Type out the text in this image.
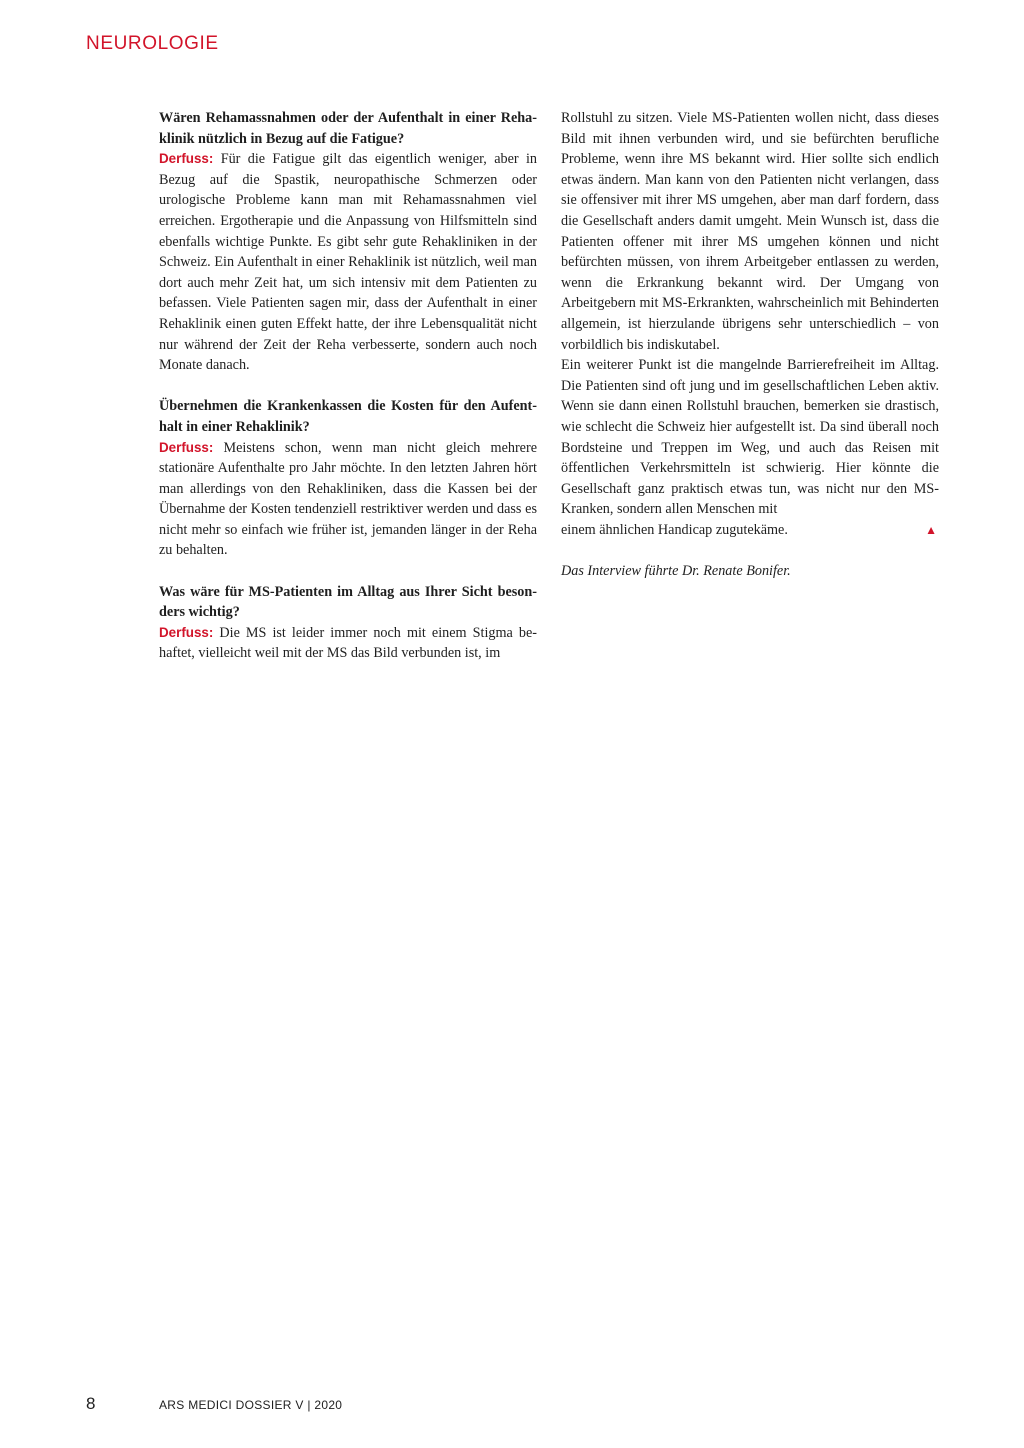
NEUROLOGIE

Wären Rehamassnahmen oder der Aufenthalt in einer Rehaklinik nützlich in Bezug auf die Fatigue?

Derfuss: Für die Fatigue gilt das eigentlich weniger, aber in Bezug auf die Spastik, neuropathische Schmerzen oder urologische Probleme kann man mit Rehamassnahmen viel erreichen. Ergotherapie und die Anpassung von Hilfsmitteln sind ebenfalls wichtige Punkte. Es gibt sehr gute Rehakliniken in der Schweiz. Ein Aufenthalt in einer Rehaklinik ist nützlich, weil man dort auch mehr Zeit hat, um sich intensiv mit dem Patienten zu befassen. Viele Patienten sagen mir, dass der Aufenthalt in einer Rehaklinik einen guten Effekt hatte, der ihre Lebensqualität nicht nur während der Zeit der Reha verbesserte, sondern auch noch Monate danach.

Übernehmen die Krankenkassen die Kosten für den Aufenthalt in einer Rehaklinik?

Derfuss: Meistens schon, wenn man nicht gleich mehrere stationäre Aufenthalte pro Jahr möchte. In den letzten Jahren hört man allerdings von den Rehakliniken, dass die Kassen bei der Übernahme der Kosten tendenziell restriktiver werden und dass es nicht mehr so einfach wie früher ist, jemanden länger in der Reha zu behalten.

Was wäre für MS-Patienten im Alltag aus Ihrer Sicht besonders wichtig?

Derfuss: Die MS ist leider immer noch mit einem Stigma behaftet, vielleicht weil mit der MS das Bild verbunden ist, im

Rollstuhl zu sitzen. Viele MS-Patienten wollen nicht, dass dieses Bild mit ihnen verbunden wird, und sie befürchten berufliche Probleme, wenn ihre MS bekannt wird. Hier sollte sich endlich etwas ändern. Man kann von den Patienten nicht verlangen, dass sie offensiver mit ihrer MS umgehen, aber man darf fordern, dass die Gesellschaft anders damit umgeht. Mein Wunsch ist, dass die Patienten offener mit ihrer MS umgehen können und nicht befürchten müssen, von ihrem Arbeitgeber entlassen zu werden, wenn die Erkrankung bekannt wird. Der Umgang von Arbeitgebern mit MS-Erkrankten, wahrscheinlich mit Behinderten allgemein, ist hierzulande übrigens sehr unterschiedlich – von vorbildlich bis indiskutabel.

Ein weiterer Punkt ist die mangelnde Barrierefreiheit im Alltag. Die Patienten sind oft jung und im gesellschaftlichen Leben aktiv. Wenn sie dann einen Rollstuhl brauchen, bemerken sie drastisch, wie schlecht die Schweiz hier aufgestellt ist. Da sind überall noch Bordsteine und Treppen im Weg, und auch das Reisen mit öffentlichen Verkehrsmitteln ist schwierig. Hier könnte die Gesellschaft ganz praktisch etwas tun, was nicht nur den MS-Kranken, sondern allen Menschen mit

einem ähnlichen Handicap zugutekäme.	▲

Das Interview führte Dr. Renate Bonifer.

8	ARS MEDICI DOSSIER V | 2020
